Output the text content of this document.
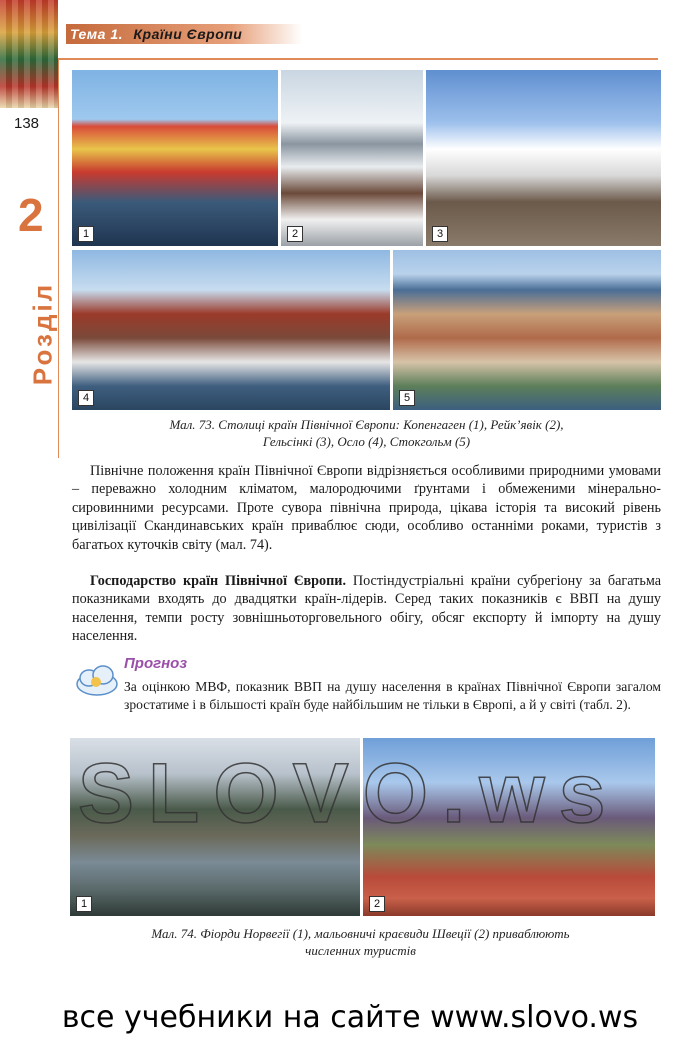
Тема 1. Країни Європи
138
2
Розділ
1	2	3
4	5
Мал. 73. Столиці країн Північної Європи: Копенгаген (1), Рейк’явік (2),
Гельсінкі (3), Осло (4), Стокгольм (5)
Північне положення країн Північної Європи відрізняється особливими природними умовами – переважно холодним кліматом, малородючими ґрунтами і обмеженими мінерально-сировинними ресурсами. Проте сувора північна природа, цікава історія та високий рівень цивілізації Скандинавських країн приваблює сюди, особливо останніми роками, туристів з багатьох куточків світу (мал. 74).
Господарство країн Північної Європи. Постіндустріальні країни субрегіону за багатьма показниками входять до двадцятки країн-лідерів. Серед таких показників є ВВП на душу населення, темпи росту зовнішньоторговельного обігу, обсяг експорту й імпорту на душу населення.
Прогноз
За оцінкою МВФ, показник ВВП на душу населення в країнах Північної Європи загалом зростатиме і в більшості країн буде найбільшим не тільки в Європі, а й у світі (табл. 2).
1	2
SLOVO.ws
Мал. 74. Фіорди Норвегії (1), мальовничі краєвиди Швеції (2) приваблюють
численних туристів
все учебники на сайте www.slovo.ws
